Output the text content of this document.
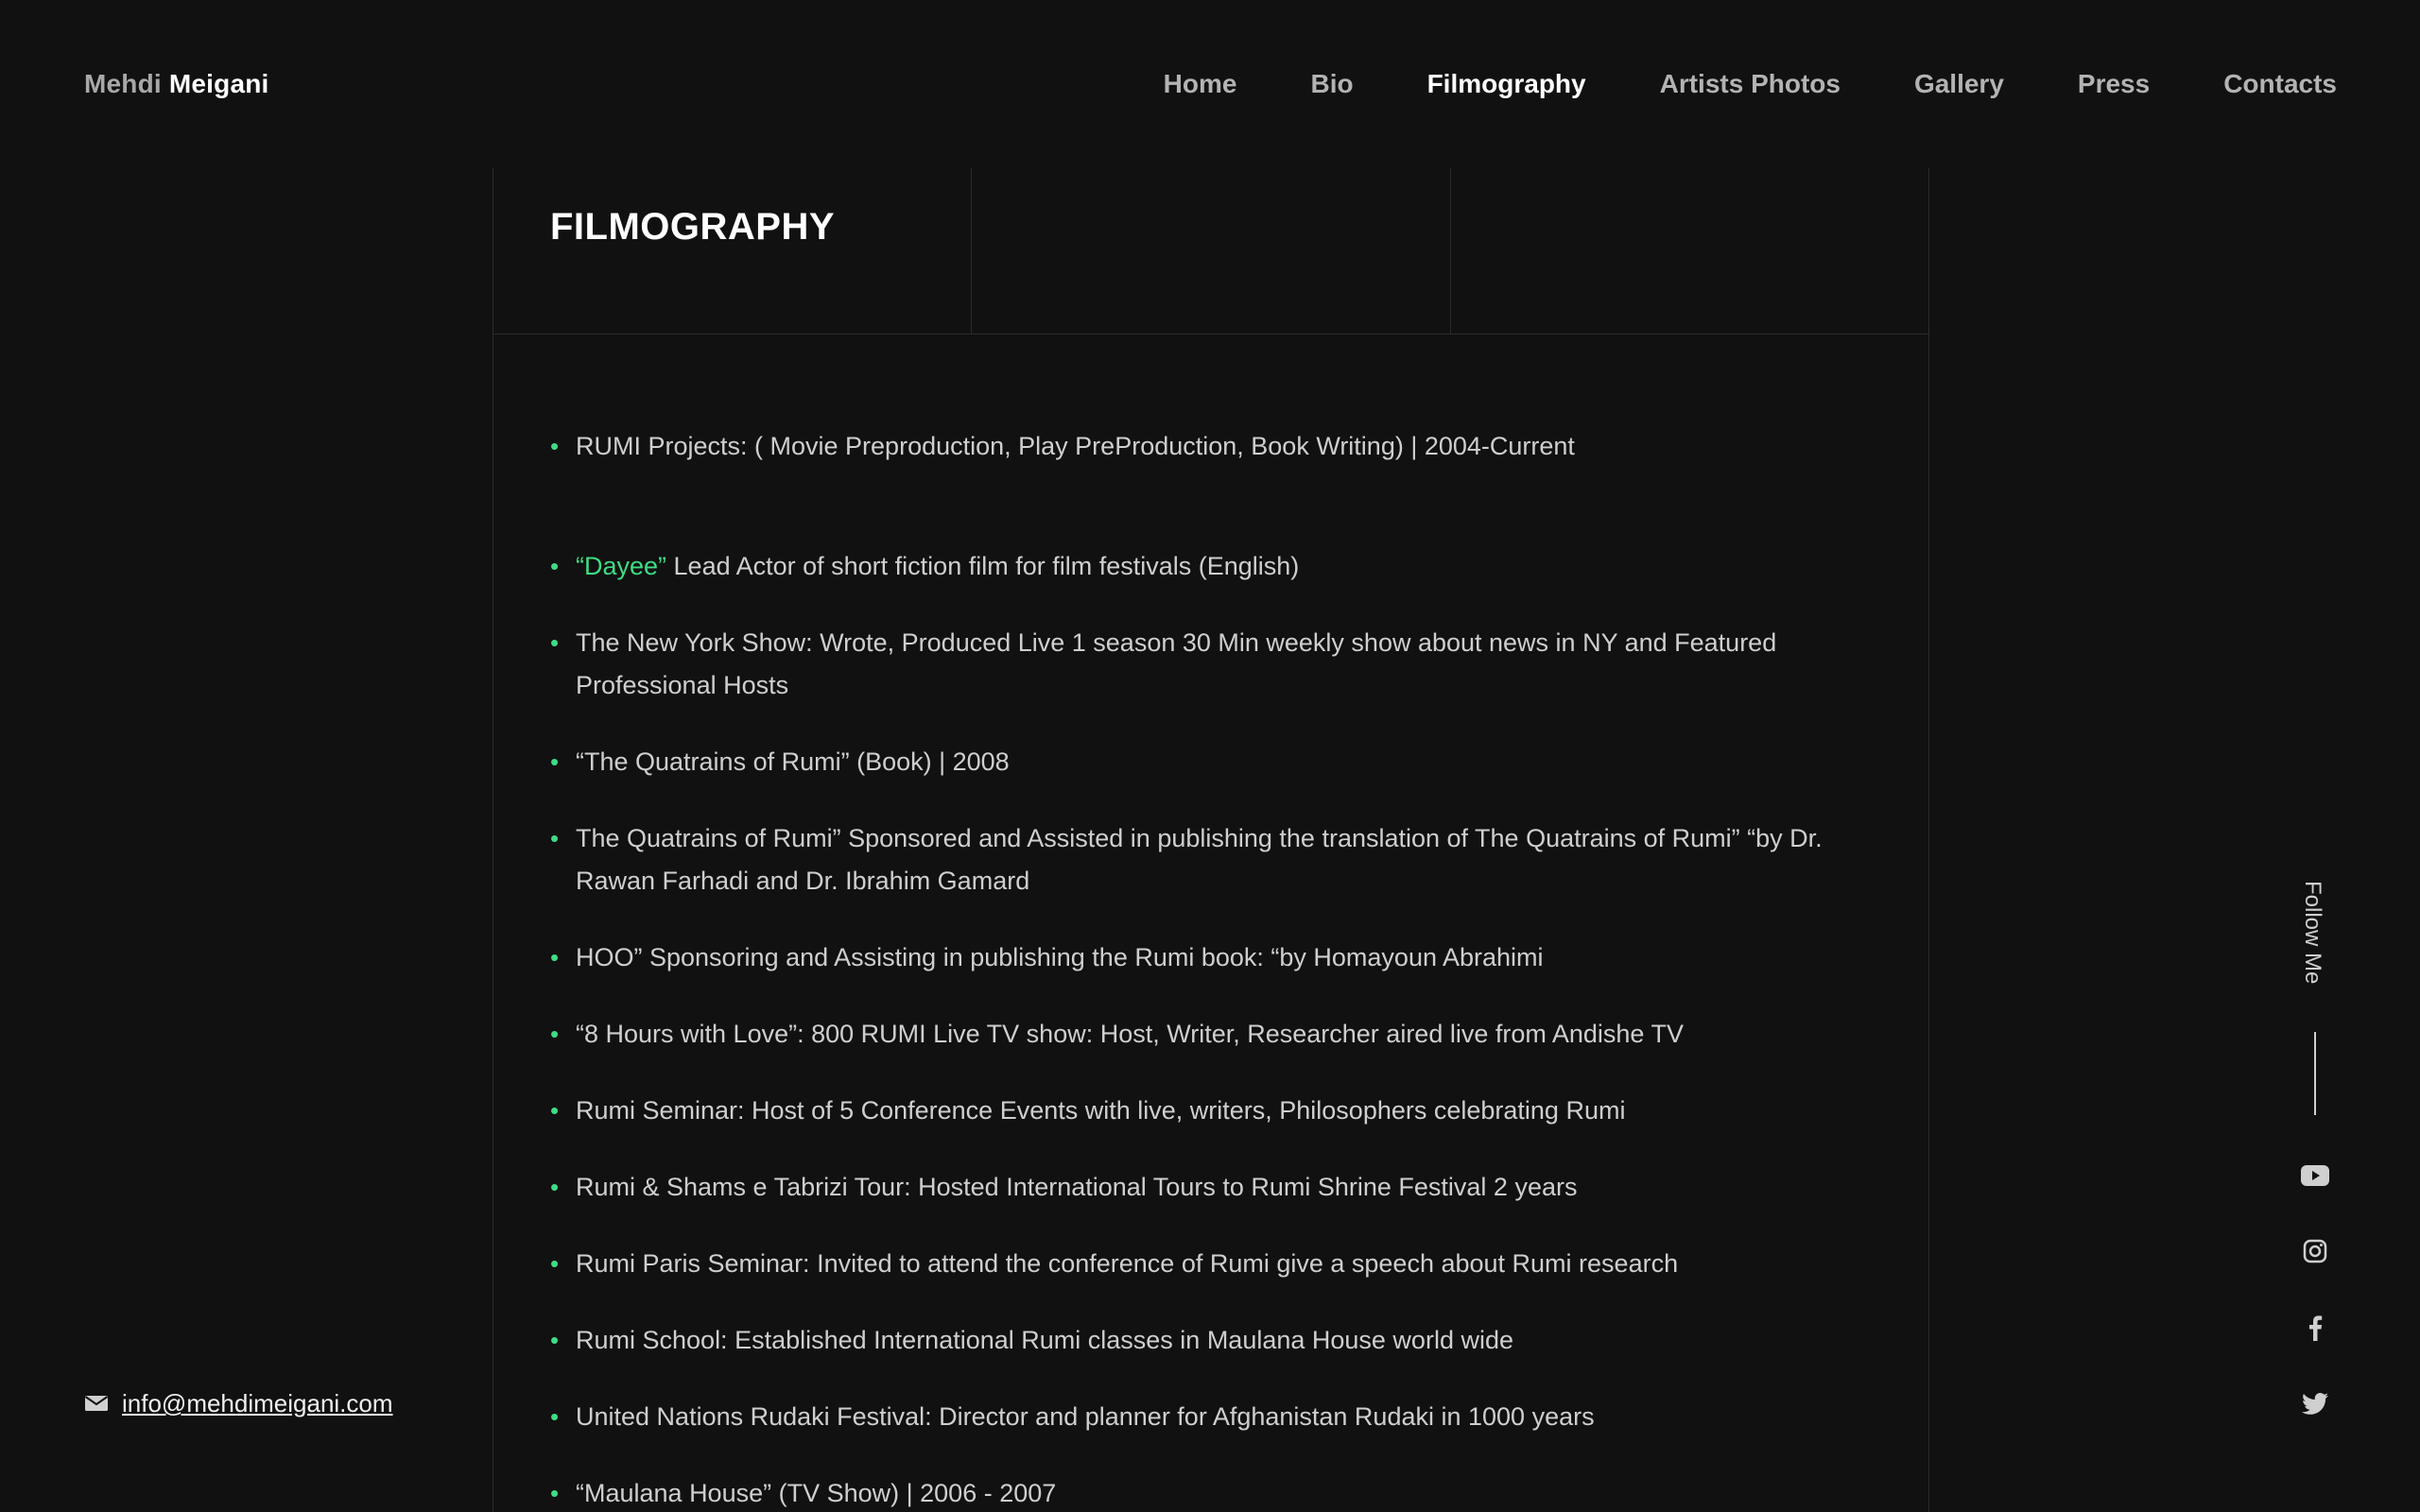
Mehdi Meigani	Home	Bio	Filmography	Artists Photos	Gallery	Press	Contacts
FILMOGRAPHY
• RUMI Projects: ( Movie Preproduction, Play PreProduction, Book Writing) | 2004-Current
• “Dayee” Lead Actor of short fiction film for film festivals (English)
• The New York Show: Wrote, Produced Live 1 season 30 Min weekly show about news in NY and Featured Professional Hosts
• “The Quatrains of Rumi” (Book) | 2008
• The Quatrains of Rumi” Sponsored and Assisted in publishing the translation of The Quatrains of Rumi” “by Dr. Rawan Farhadi and Dr. Ibrahim Gamard
• HOO” Sponsoring and Assisting in publishing the Rumi book: “by Homayoun Abrahimi
• “8 Hours with Love”: 800 RUMI Live TV show: Host, Writer, Researcher aired live from Andishe TV
• Rumi Seminar: Host of 5 Conference Events with live, writers, Philosophers celebrating Rumi
• Rumi & Shams e Tabrizi Tour: Hosted International Tours to Rumi Shrine Festival 2 years
• Rumi Paris Seminar: Invited to attend the conference of Rumi give a speech about Rumi research
• Rumi School: Established International Rumi classes in Maulana House world wide
• United Nations Rudaki Festival: Director and planner for Afghanistan Rudaki in 1000 years
• “Maulana House” (TV Show) | 2006 - 2007
info@mehdimeigani.com
Follow Me
